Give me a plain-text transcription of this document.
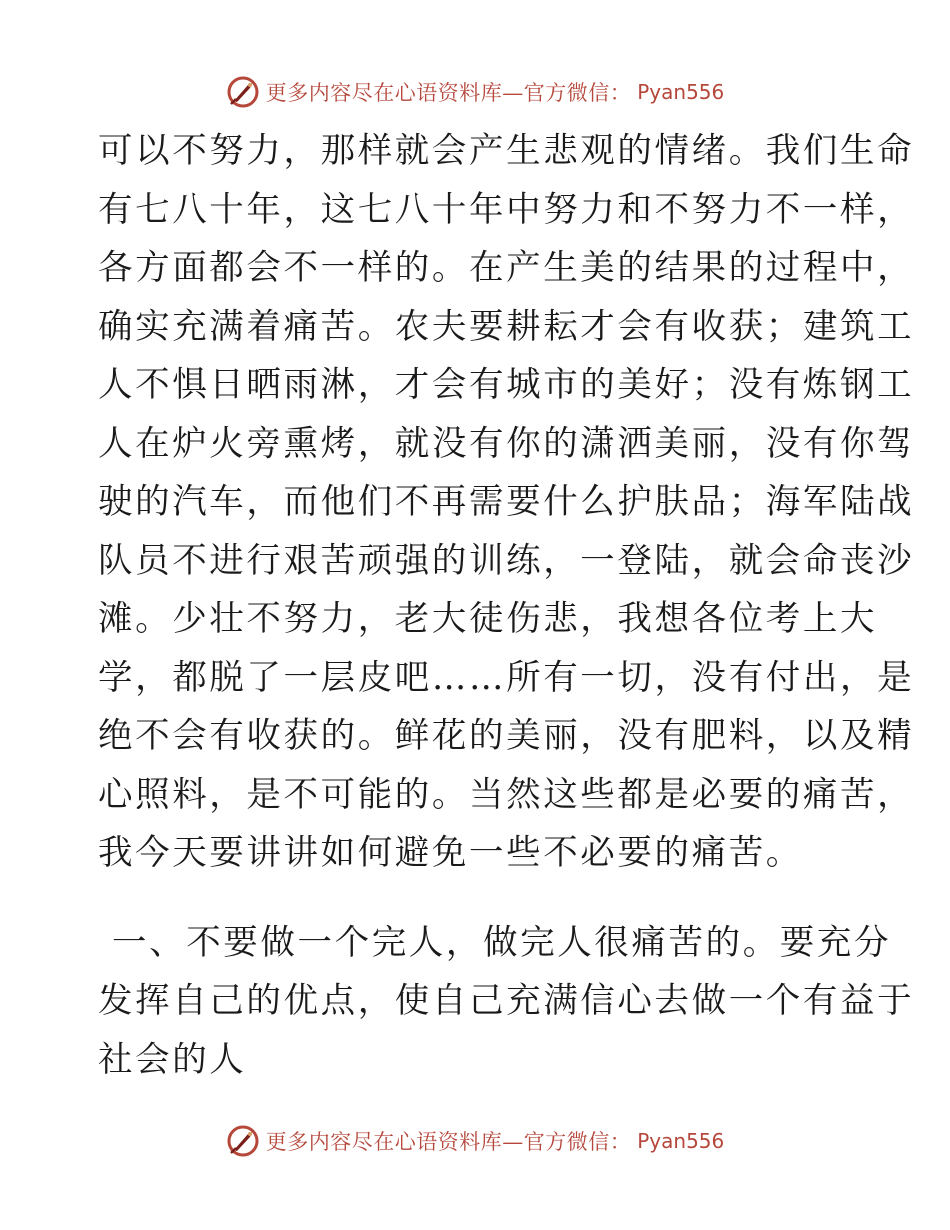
更多内容尽在心语资料库—官方微信： Pyan556
可以不努力，那样就会产生悲观的情绪。我们生命
有七八十年，这七八十年中努力和不努力不一样，
各方面都会不一样的。在产生美的结果的过程中，
确实充满着痛苦。农夫要耕耘才会有收获；建筑工
人不惧日晒雨淋，才会有城市的美好；没有炼钢工
人在炉火旁熏烤，就没有你的潇洒美丽，没有你驾
驶的汽车，而他们不再需要什么护肤品；海军陆战
队员不进行艰苦顽强的训练，一登陆，就会命丧沙
滩。少壮不努力，老大徒伤悲，我想各位考上大
学，都脱了一层皮吧……所有一切，没有付出，是
绝不会有收获的。鲜花的美丽，没有肥料，以及精
心照料，是不可能的。当然这些都是必要的痛苦，
我今天要讲讲如何避免一些不必要的痛苦。
一、不要做一个完人，做完人很痛苦的。要充分
发挥自己的优点，使自己充满信心去做一个有益于
社会的人
更多内容尽在心语资料库—官方微信： Pyan556
